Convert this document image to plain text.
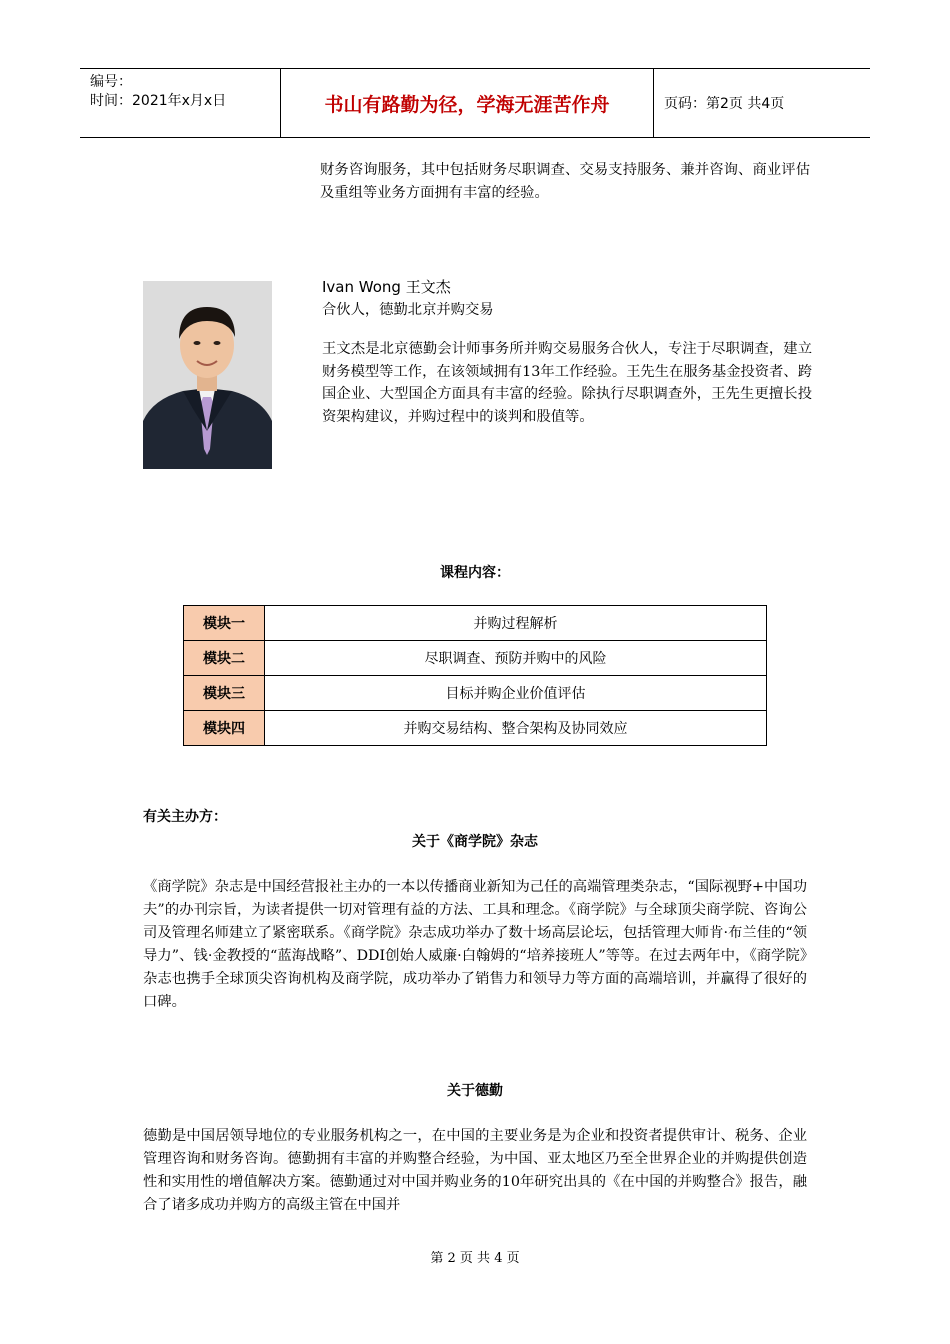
编号：
时间：2021年x月x日	书山有路勤为径，学海无涯苦作舟	页码：第2页 共4页
财务咨询服务，其中包括财务尽职调查、交易支持服务、兼并咨询、商业评估及重组等业务方面拥有丰富的经验。
Ivan Wong 王文杰
合伙人，德勤北京并购交易
王文杰是北京德勤会计师事务所并购交易服务合伙人，专注于尽职调查，建立财务模型等工作，在该领域拥有13年工作经验。王先生在服务基金投资者、跨国企业、大型国企方面具有丰富的经验。除执行尽职调查外，王先生更擅长投资架构建议，并购过程中的谈判和股值等。
课程内容：
模块一	并购过程解析
模块二	尽职调查、预防并购中的风险
模块三	目标并购企业价值评估
模块四	并购交易结构、整合架构及协同效应
有关主办方：
关于《商学院》杂志
《商学院》杂志是中国经营报社主办的一本以传播商业新知为己任的高端管理类杂志，“国际视野+中国功夫”的办刊宗旨，为读者提供一切对管理有益的方法、工具和理念。《商学院》与全球顶尖商学院、咨询公司及管理名师建立了紧密联系。《商学院》杂志成功举办了数十场高层论坛，包括管理大师肯·布兰佳的“领导力”、钱·金教授的“蓝海战略”、DDI创始人威廉·白翰姆的“培养接班人”等等。在过去两年中，《商学院》杂志也携手全球顶尖咨询机构及商学院，成功举办了销售力和领导力等方面的高端培训，并赢得了很好的口碑。
关于德勤
德勤是中国居领导地位的专业服务机构之一，在中国的主要业务是为企业和投资者提供审计、税务、企业管理咨询和财务咨询。德勤拥有丰富的并购整合经验，为中国、亚太地区乃至全世界企业的并购提供创造性和实用性的增值解决方案。德勤通过对中国并购业务的10年研究出具的《在中国的并购整合》报告，融合了诸多成功并购方的高级主管在中国并
第 2 页 共 4 页
